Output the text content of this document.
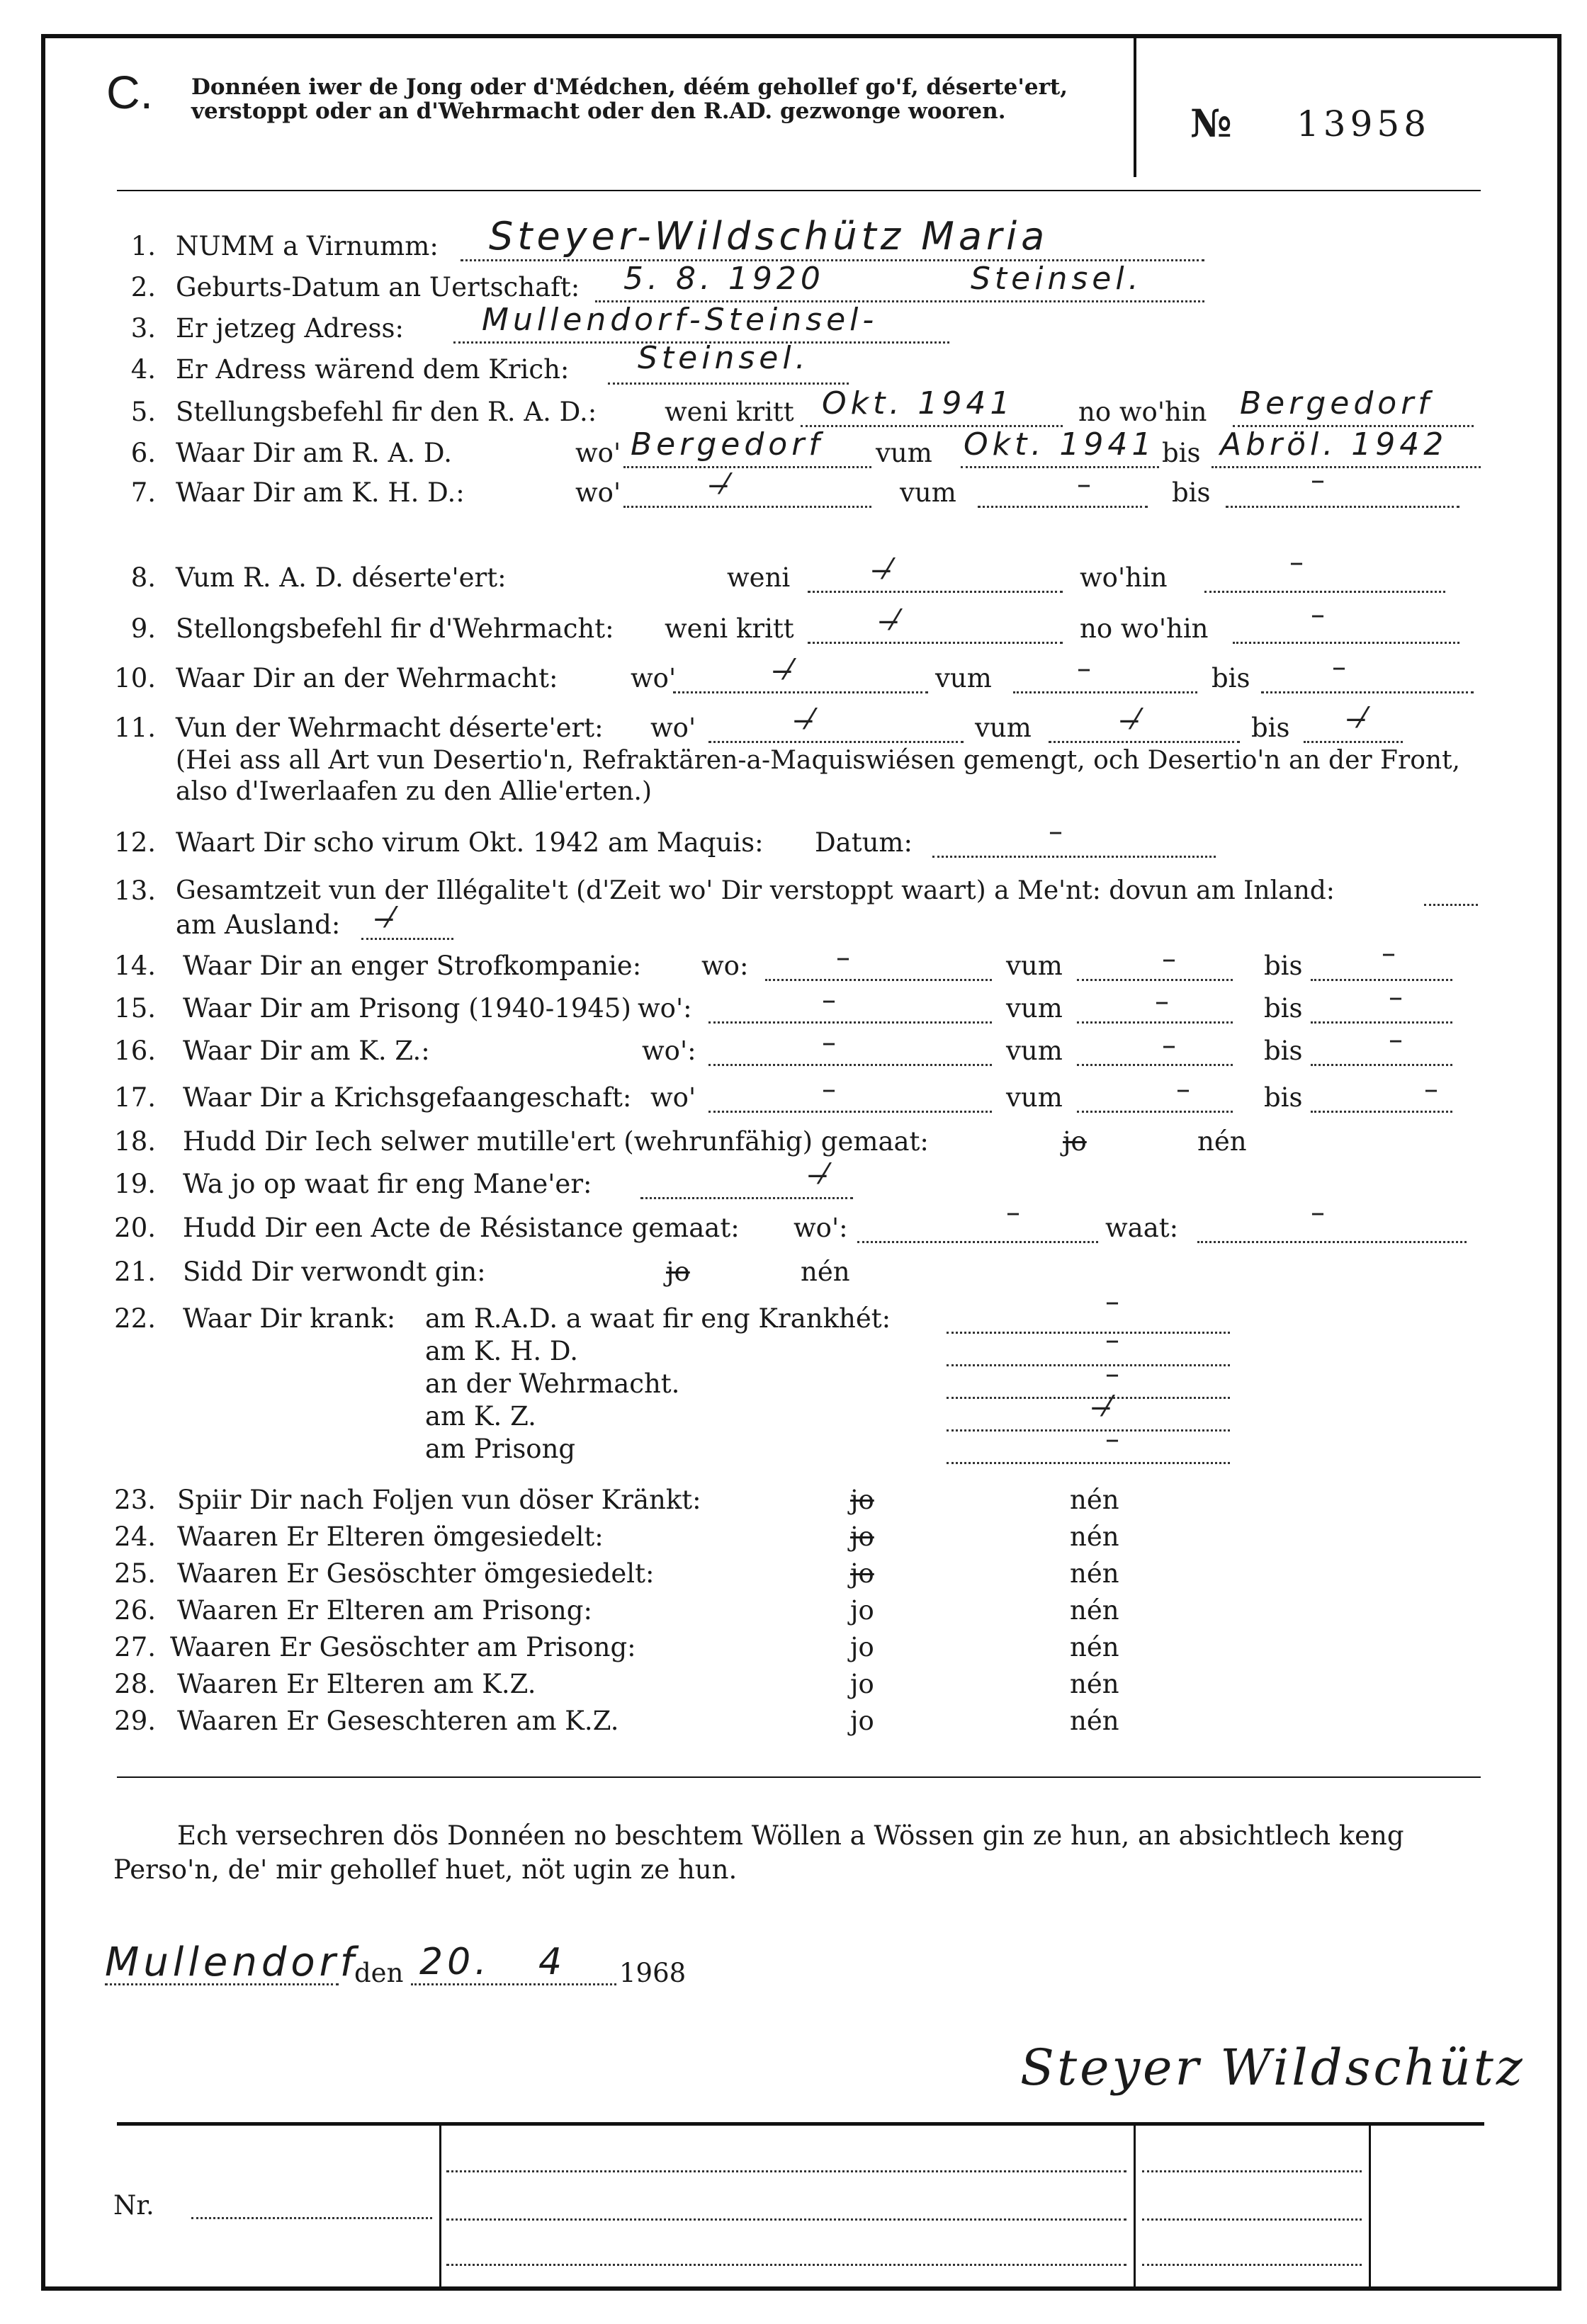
C. Donnéen iwer de Jong oder d'Médchen, déém gehollef go'f, déserte'ert, verstoppt oder an d'Wehrmacht oder den R.AD. gezwonge wooren.	№ 13958
1. NUMM a Virnumm: Steyer-Wildschütz Maria
2. Geburts-Datum an Uertschaft: 5. 8. 1920	Steinsel.
3. Er jetzeg Adress:	Mullendorf-Steinsel-
4. Er Adress wärend dem Krich: Steinsel.
5. Stellungsbefehl fir den R. A. D.:	weni kritt Okt. 1941 no wo'hin Bergedorf
6. Waar Dir am R. A. D.	wo' Bergedorf vum Okt. 1941 bis Abröl. 1942
7. Waar Dir am K. H. D.:	wo'	⁄̶	vum	–	bis	–
8. Vum R. A. D. déserte'ert:	weni	⁄̶	wo'hin	–
9. Stellongsbefehl fir d'Wehrmacht: weni kritt	⁄̶	no wo'hin	–
10. Waar Dir an der Wehrmacht:	wo'	⁄̶	vum	–	bis	–
11. Vun der Wehrmacht déserte'ert: wo'	⁄̶	vum	⁄̶	bis ⁄̶
(Hei ass all Art vun Desertio'n, Refraktären-a-Maquiswiésen gemengt, och Desertio'n an der Front, also d'Iwerlaafen zu den Allie'erten.)
12. Waart Dir scho virum Okt. 1942 am Maquis: Datum:	–
13. Gesamtzeit vun der Illégalite't (d'Zeit wo' Dir verstoppt waart) a Me'nt: dovun am Inland:
am Ausland: ⁄̶
14. Waar Dir an enger Strofkompanie: wo:	–	vum	–	bis	–
15. Waar Dir am Prisong (1940-1945) wo':	–	vum	–	bis	–
16. Waar Dir am K. Z.:	wo':	–	vum	–	bis	–
17. Waar Dir a Krichsgefaangeschaft: wo'	–	vum	–	bis	–
18. Hudd Dir Iech selwer mutille'ert (wehrunfähig) gemaat:	jo	nén
19. Wa jo op waat fir eng Mane'er:	⁄̶
20. Hudd Dir een Acte de Résistance gemaat: wo':	–	waat:	–
21. Sidd Dir verwondt gin:	jo	nén
22. Waar Dir krank: am R.A.D. a waat fir eng Krankhét:
–
am K. H. D.	–
an der Wehrmacht.	–
am K. Z.	⁄̶
am Prisong	–
23. Spiir Dir nach Foljen vun döser Kränkt:	jo	nén
24. Waaren Er Elteren ömgesiedelt:	jo	nén
25. Waaren Er Gesöschter ömgesiedelt:	jo	nén
26. Waaren Er Elteren am Prisong:	jo	nén
27. Waaren Er Gesöschter am Prisong:	jo	nén
28. Waaren Er Elteren am K.Z.	jo	nén
29. Waaren Er Geseschteren am K.Z.	jo	nén
Ech versechren dös Donnéen no beschtem Wöllen a Wössen gin ze hun, an absichtlech keng Perso'n, de' mir gehollef huet, nöt ugin ze hun.
Mullendorf
den 20. 4 1968
Steyer Wildschütz
Nr.
